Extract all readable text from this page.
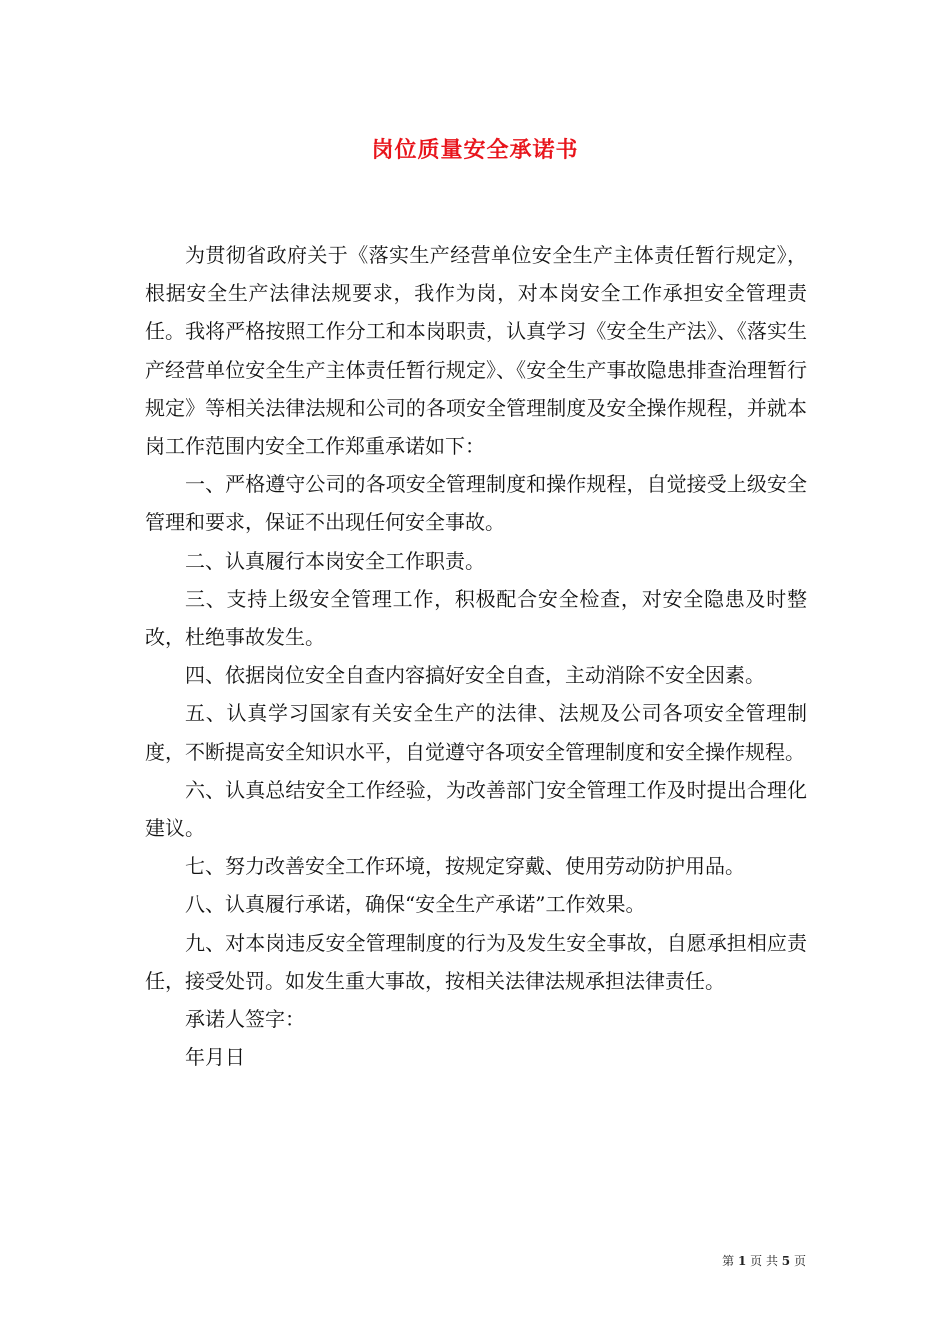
岗位质量安全承诺书

为贯彻省政府关于《落实生产经营单位安全生产主体责任暂行规定》，根据安全生产法律法规要求，我作为岗，对本岗安全工作承担安全管理责任。我将严格按照工作分工和本岗职责，认真学习《安全生产法》、《落实生产经营单位安全生产主体责任暂行规定》、《安全生产事故隐患排查治理暂行规定》等相关法律法规和公司的各项安全管理制度及安全操作规程，并就本岗工作范围内安全工作郑重承诺如下：

一、严格遵守公司的各项安全管理制度和操作规程，自觉接受上级安全管理和要求，保证不出现任何安全事故。

二、认真履行本岗安全工作职责。

三、支持上级安全管理工作，积极配合安全检查，对安全隐患及时整改，杜绝事故发生。

四、依据岗位安全自查内容搞好安全自查，主动消除不安全因素。

五、认真学习国家有关安全生产的法律、法规及公司各项安全管理制度，不断提高安全知识水平，自觉遵守各项安全管理制度和安全操作规程。

六、认真总结安全工作经验，为改善部门安全管理工作及时提出合理化建议。

七、努力改善安全工作环境，按规定穿戴、使用劳动防护用品。

八、认真履行承诺，确保“安全生产承诺”工作效果。

九、对本岗违反安全管理制度的行为及发生安全事故，自愿承担相应责任，接受处罚。如发生重大事故，按相关法律法规承担法律责任。

承诺人签字：

年月日

第 1 页 共 5 页
